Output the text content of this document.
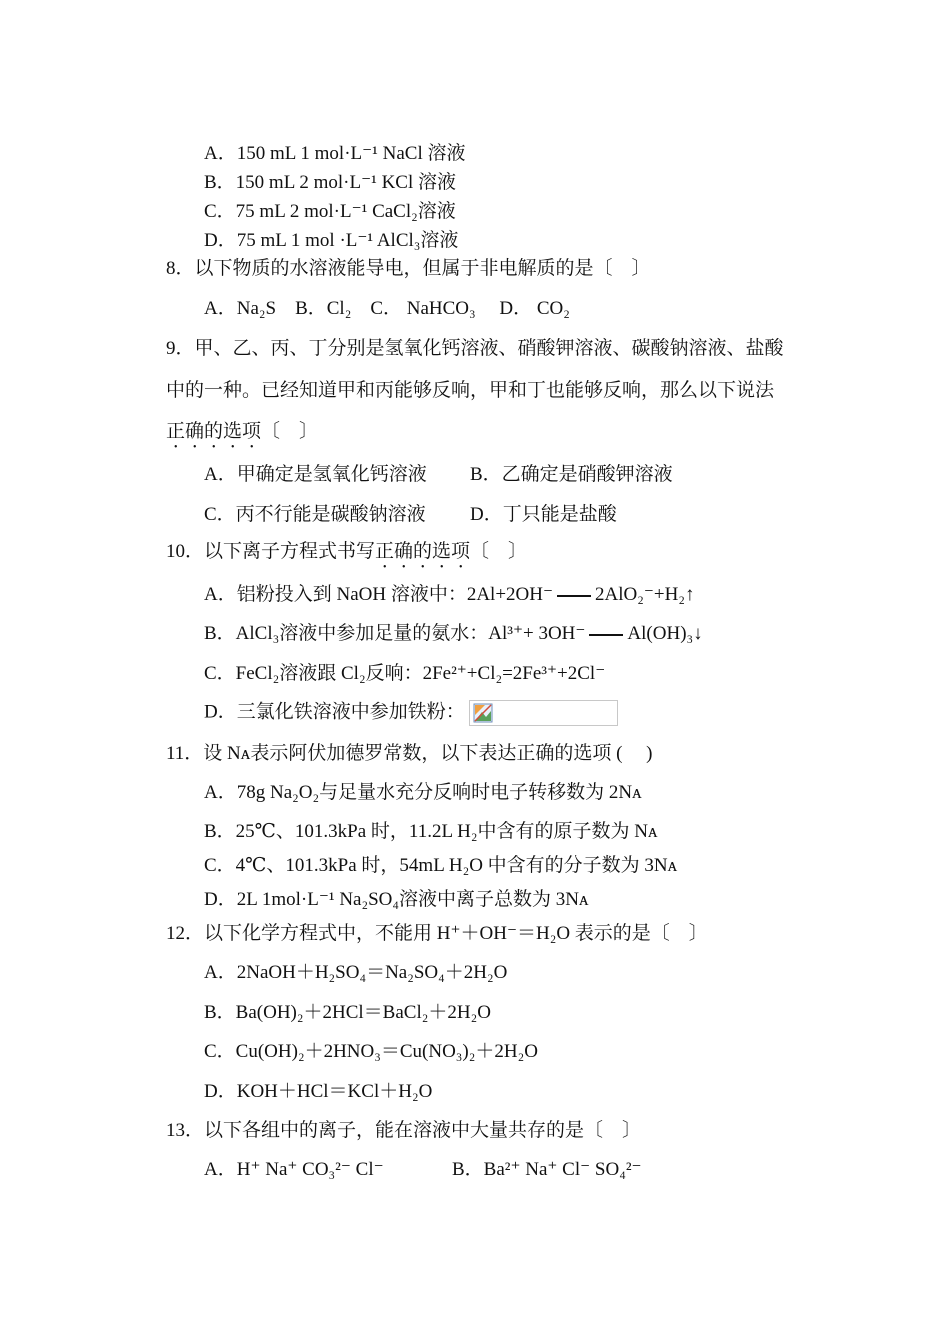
A．150 mL 1 mol·L⁻¹ NaCl 溶液
B．150 mL 2 mol·L⁻¹ KCl 溶液
C．75 mL 2 mol·L⁻¹ CaCl₂溶液
D．75 mL 1 mol ·L⁻¹ AlCl₃溶液
8．以下物质的水溶液能导电，但属于非电解质的是〔　〕
A．Na₂S　B．Cl₂　C． NaHCO₃　 D． CO₂
9．甲、乙、丙、丁分别是氢氧化钙溶液、硝酸钾溶液、碳酸钠溶液、盐酸
中的一种。已经知道甲和丙能够反响，甲和丁也能够反响，那么以下说法
正确的选项〔　〕
A．甲确定是氢氧化钙溶液 B．乙确定是硝酸钾溶液
C．丙不行能是碳酸钠溶液 D．丁只能是盐酸
10．以下离子方程式书写正确的选项〔　〕
A．铝粉投入到 NaOH 溶液中：2Al+2OH⁻ 2AlO₂⁻+H₂↑
B．AlCl₃溶液中参加足量的氨水：Al³⁺+ 3OH⁻ Al(OH)₃↓
C．FeCl₂溶液跟 Cl₂反响：2Fe²⁺+Cl₂=2Fe³⁺+2Cl⁻
D．三氯化铁溶液中参加铁粉：
11．设 Nᴀ表示阿伏加德罗常数，以下表达正确的选项 (　 )
A．78g Na₂O₂与足量水充分反响时电子转移数为 2Nᴀ
B．25℃、101.3kPa 时，11.2L H₂中含有的原子数为 Nᴀ
C．4℃、101.3kPa 时，54mL H₂O 中含有的分子数为 3Nᴀ
D．2L 1mol·L⁻¹ Na₂SO₄溶液中离子总数为 3Nᴀ
12．以下化学方程式中，不能用 H⁺＋OH⁻＝H₂O 表示的是〔　〕
A．2NaOH＋H₂SO₄＝Na₂SO₄＋2H₂O
B．Ba(OH)₂＋2HCl＝BaCl₂＋2H₂O
C．Cu(OH)₂＋2HNO₃＝Cu(NO₃)₂＋2H₂O
D．KOH＋HCl＝KCl＋H₂O
13．以下各组中的离子，能在溶液中大量共存的是〔　〕
A．H⁺ Na⁺ CO₃²⁻ Cl⁻	B．Ba²⁺ Na⁺ Cl⁻ SO₄²⁻
